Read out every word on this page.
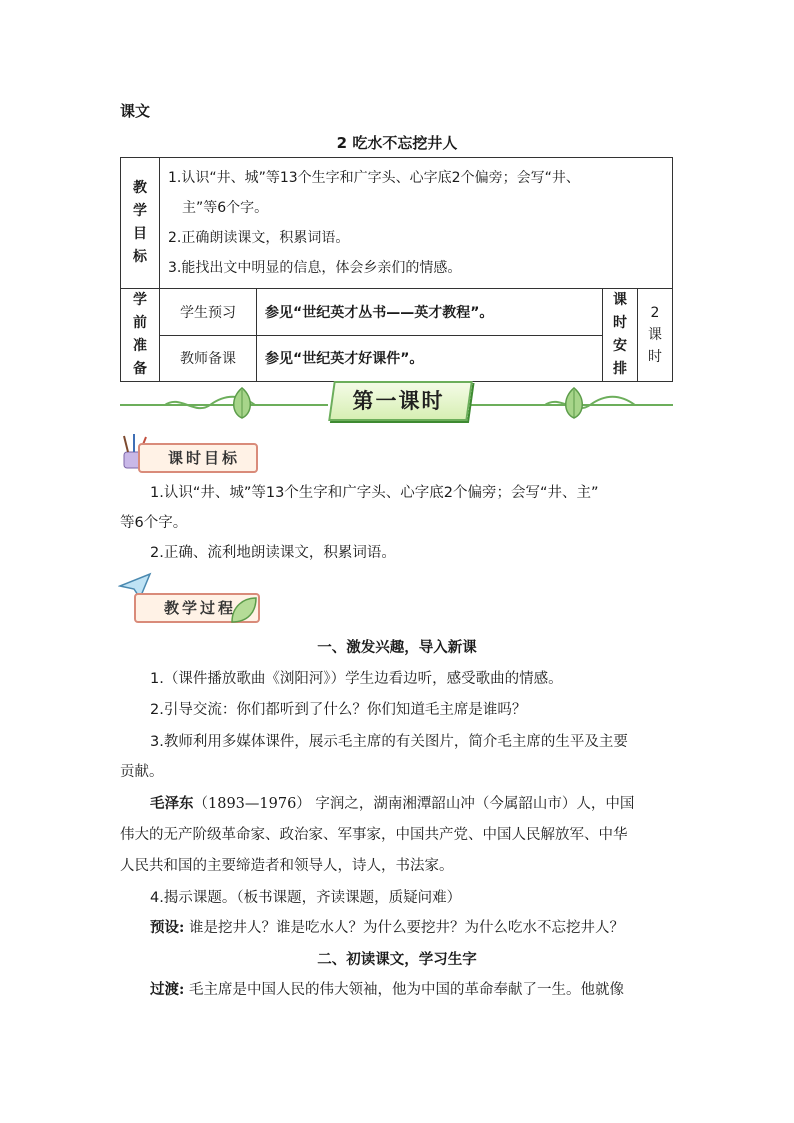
课文
2 吃水不忘挖井人
教
学
目
标	1.认识“井、城”等13个生字和广字头、心字底2个偏旁；会写“井、
主”等6个字。
2.正确朗读课文，积累词语。
3.能找出文中明显的信息，体会乡亲们的情感。			

学
前
准
备	学生预习	参见“世纪英才丛书——英才教程”。	课
时
安
排	2
课
时
	教师备课	参见“世纪英才好课件”。		
第一课时
课时目标
1.认识“井、城”等13个生字和广字头、心字底2个偏旁；会写“井、主”
等6个字。
2.正确、流利地朗读课文，积累词语。
教学过程
一、激发兴趣，导入新课
1.（课件播放歌曲《浏阳河》）学生边看边听，感受歌曲的情感。
2.引导交流：你们都听到了什么？你们知道毛主席是谁吗？
3.教师利用多媒体课件，展示毛主席的有关图片，简介毛主席的生平及主要
贡献。
毛泽东（1893—1976） 字润之，湖南湘潭韶山冲（今属韶山市）人，中国
伟大的无产阶级革命家、政治家、军事家，中国共产党、中国人民解放军、中华
人民共和国的主要缔造者和领导人，诗人，书法家。
4.揭示课题。（板书课题，齐读课题，质疑问难）
预设: 谁是挖井人？谁是吃水人？为什么要挖井？为什么吃水不忘挖井人？
二、初读课文，学习生字
过渡: 毛主席是中国人民的伟大领袖，他为中国的革命奉献了一生。他就像
